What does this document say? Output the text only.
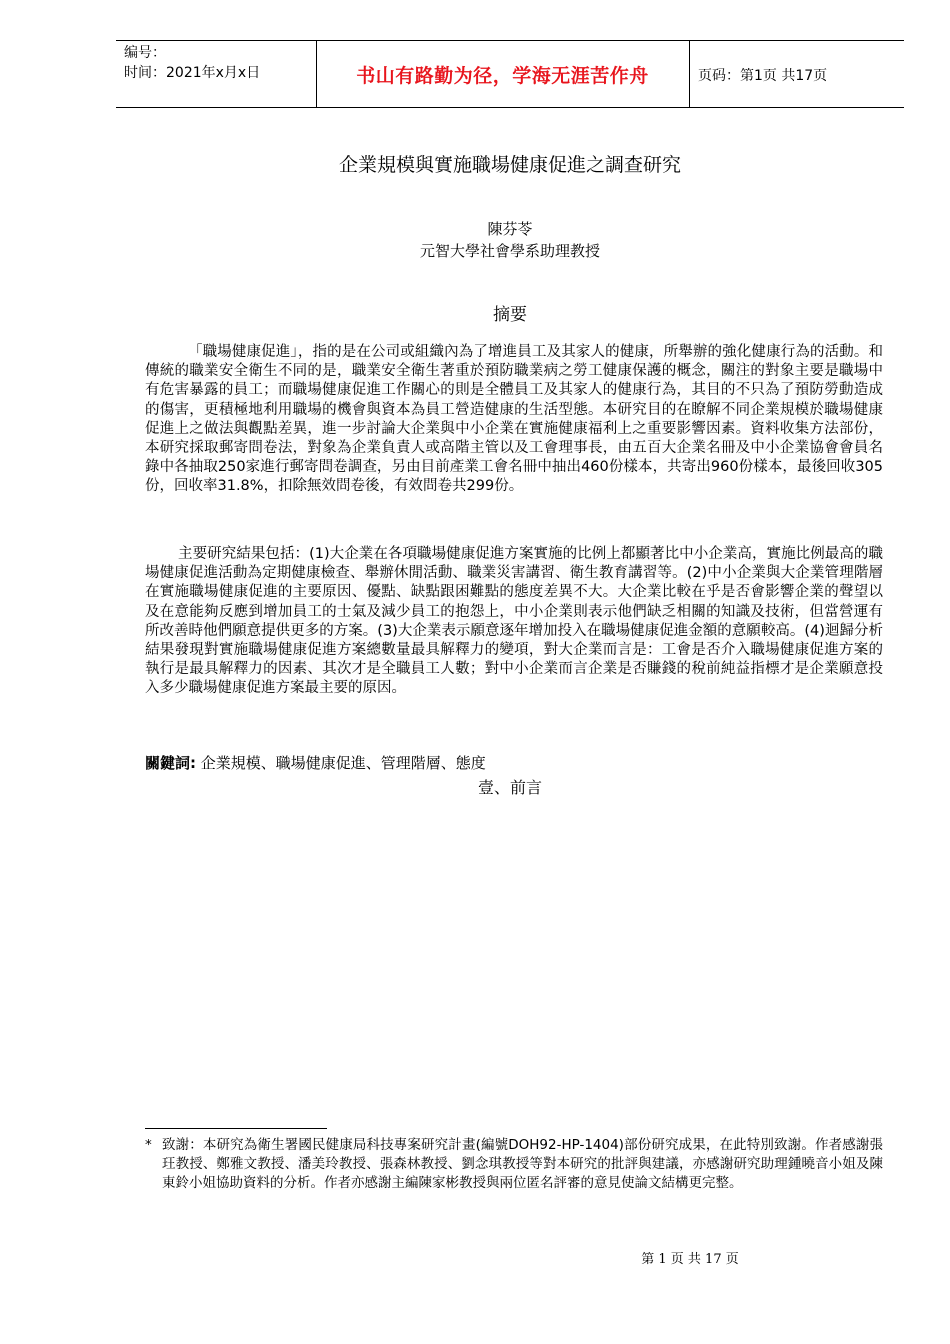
编号：
时间：2021年x月x日	书山有路勤为径，学海无涯苦作舟	页码：第1页 共17页
企業規模與實施職場健康促進之調查研究
陳芬苓
元智大學社會學系助理教授
摘要
「職場健康促進」，指的是在公司或組織內為了增進員工及其家人的健康，所舉辦的強化健康行為的活動。和傳統的職業安全衛生不同的是，職業安全衛生著重於預防職業病之勞工健康保護的概念，關注的對象主要是職場中有危害暴露的員工；而職場健康促進工作關心的則是全體員工及其家人的健康行為，其目的不只為了預防勞動造成的傷害，更積極地利用職場的機會與資本為員工營造健康的生活型態。本研究目的在瞭解不同企業規模於職場健康促進上之做法與觀點差異，進一步討論大企業與中小企業在實施健康福利上之重要影響因素。資料收集方法部份，本研究採取郵寄問卷法，對象為企業負責人或高階主管以及工會理事長，由五百大企業名冊及中小企業協會會員名錄中各抽取250家進行郵寄問卷調查，另由目前產業工會名冊中抽出460份樣本，共寄出960份樣本，最後回收305份，回收率31.8%，扣除無效問卷後，有效問卷共299份。
主要研究結果包括：(1)大企業在各項職場健康促進方案實施的比例上都顯著比中小企業高，實施比例最高的職場健康促進活動為定期健康檢查、舉辦休閒活動、職業災害講習、衛生教育講習等。(2)中小企業與大企業管理階層在實施職場健康促進的主要原因、優點、缺點跟困難點的態度差異不大。大企業比較在乎是否會影響企業的聲望以及在意能夠反應到增加員工的士氣及減少員工的抱怨上，中小企業則表示他們缺乏相關的知識及技術，但當營運有所改善時他們願意提供更多的方案。(3)大企業表示願意逐年增加投入在職場健康促進金額的意願較高。(4)迴歸分析結果發現對實施職場健康促進方案總數量最具解釋力的變項，對大企業而言是：工會是否介入職場健康促進方案的執行是最具解釋力的因素、其次才是全職員工人數；對中小企業而言企業是否賺錢的稅前純益指標才是企業願意投入多少職場健康促進方案最主要的原因。
關鍵詞: 企業規模、職場健康促進、管理階層、態度
壹、前言
* 致謝：本研究為衛生署國民健康局科技專案研究計畫(編號DOH92-HP-1404)部份研究成果，在此特別致謝。作者感謝張玨教授、鄭雅文教授、潘美玲教授、張森林教授、劉念琪教授等對本研究的批評與建議，亦感謝研究助理鍾曉音小姐及陳東鈴小姐協助資料的分析。作者亦感謝主編陳家彬教授與兩位匿名評審的意見使論文結構更完整。
第 1 页 共 17 页
